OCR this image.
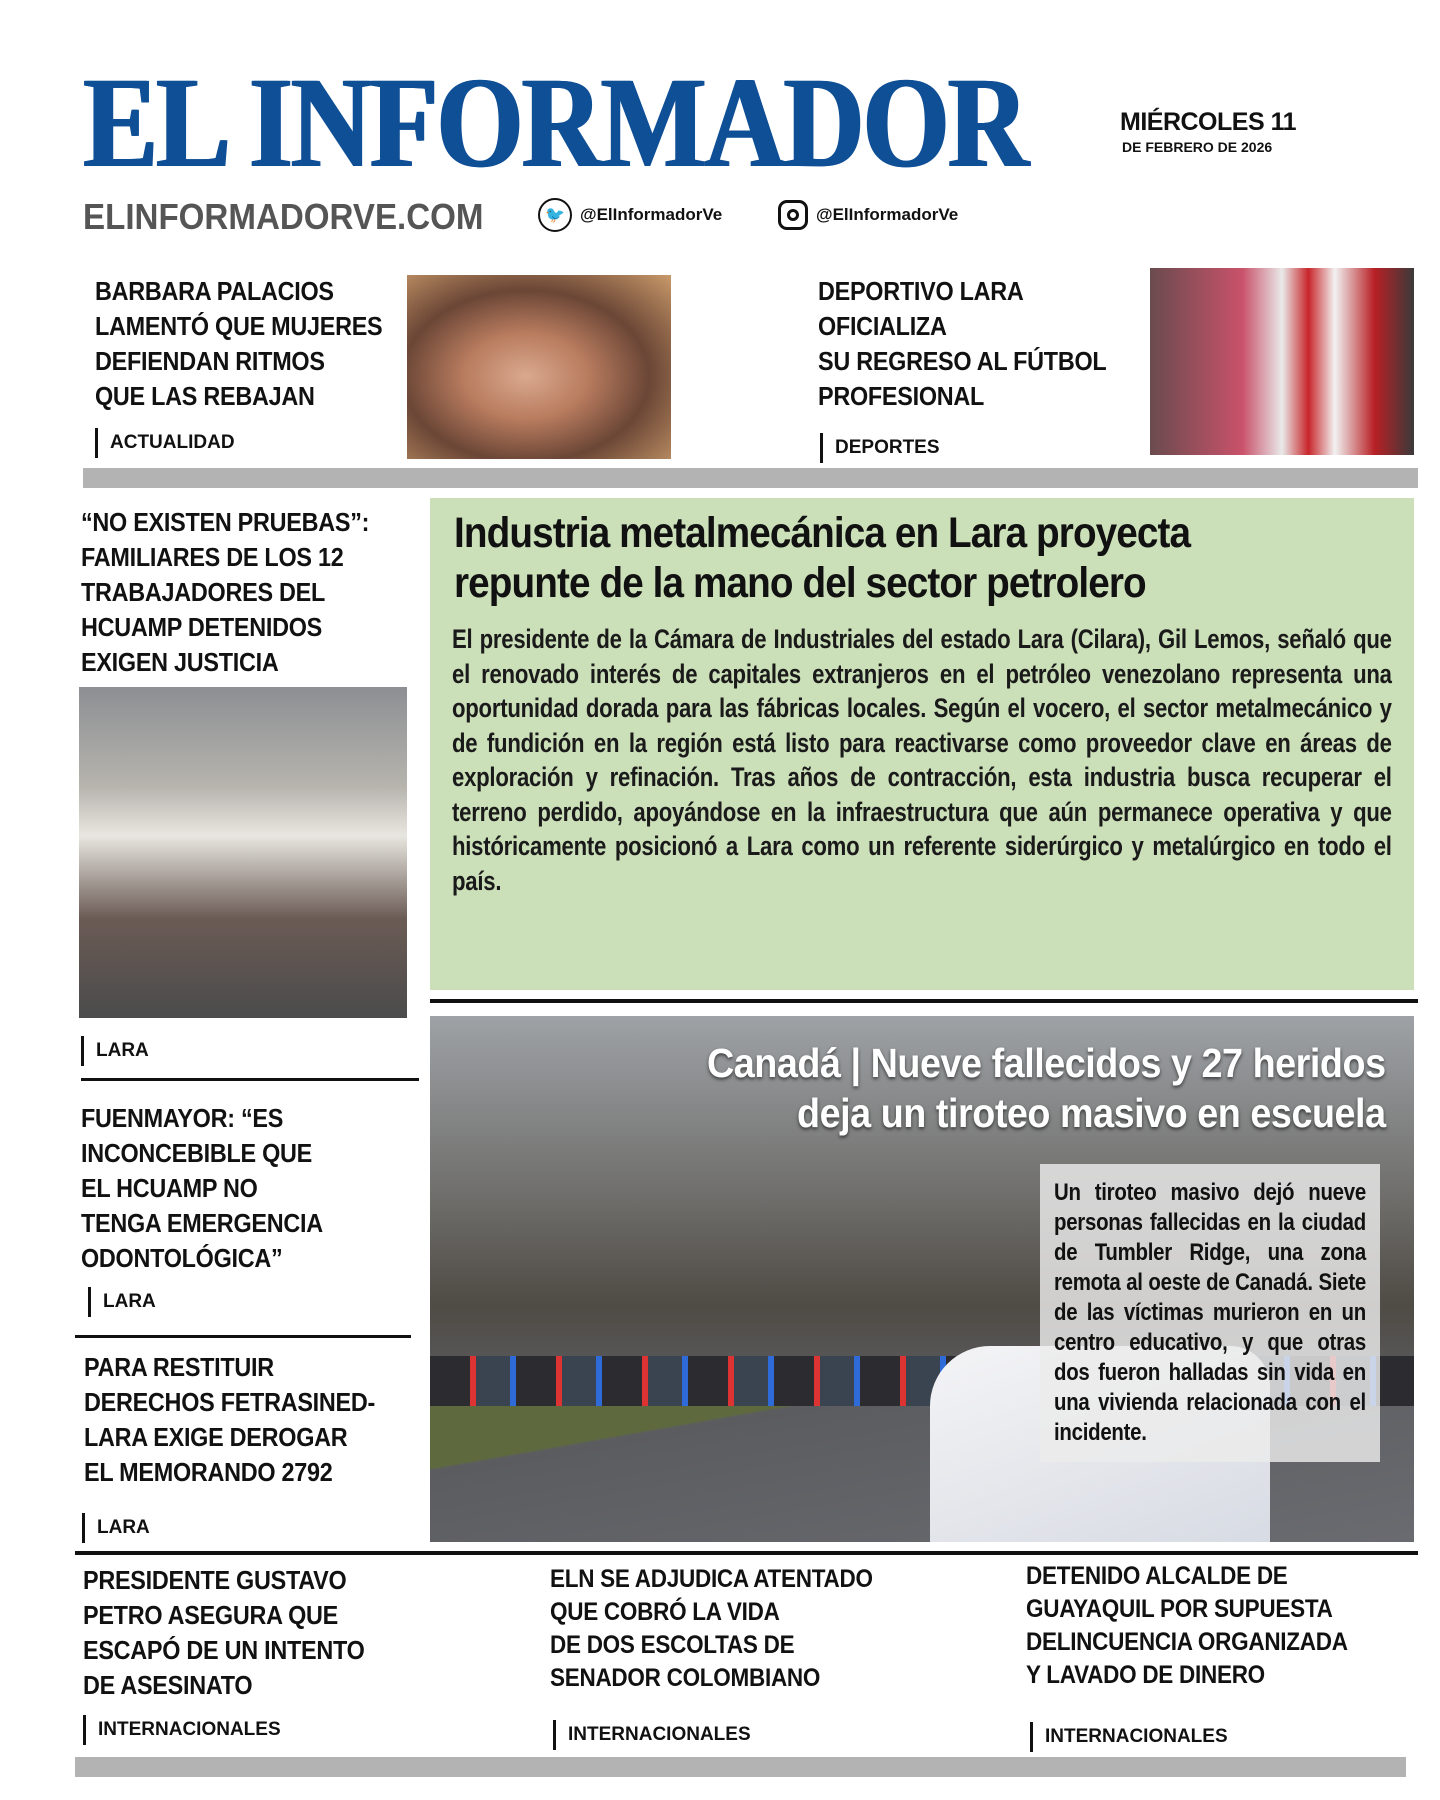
EL INFORMADOR	MIÉRCOLES 11
DE FEBRERO DE 2026
ELINFORMADORVE.COM	🐦 @ElInformadorVe	@ElInformadorVe
BARBARA PALACIOS
LAMENTÓ QUE MUJERES
DEFIENDAN RITMOS
QUE LAS REBAJAN
ACTUALIDAD
DEPORTIVO LARA
OFICIALIZA
SU REGRESO AL FÚTBOL
PROFESIONAL
DEPORTES
“NO EXISTEN PRUEBAS”:
FAMILIARES DE LOS 12
TRABAJADORES DEL
HCUAMP DETENIDOS
EXIGEN JUSTICIA
LARA
FUENMAYOR: “ES
INCONCEBIBLE QUE
EL HCUAMP NO
TENGA EMERGENCIA
ODONTOLÓGICA”
LARA
PARA RESTITUIR
DERECHOS FETRASINED-
LARA EXIGE DEROGAR
EL MEMORANDO 2792
LARA
Industria metalmecánica en Lara proyecta
repunte de la mano del sector petrolero

El presidente de la Cámara de Industriales del estado Lara (Cilara), Gil Lemos, señaló que el renovado interés de capitales extranjeros en el petróleo venezolano representa una oportunidad dorada para las fábricas locales. Según el vocero, el sector metalmecánico y de fundición en la región está listo para reactivarse como proveedor clave en áreas de exploración y refinación. Tras años de contracción, esta industria busca recuperar el terreno perdido, apoyándose en la infraestructura que aún permanece operativa y que históricamente posicionó a Lara como un referente siderúrgico y metalúrgico en todo el país.

Canadá | Nueve fallecidos y 27 heridos
deja un tiroteo masivo en escuela
Un tiroteo masivo dejó nueve personas fallecidas en la ciudad de Tumbler Ridge, una zona remota al oeste de Canadá. Siete de las víctimas murieron en un centro educativo, y que otras dos fueron halladas sin vida en una vivienda relacionada con el incidente.
PRESIDENTE GUSTAVO
PETRO ASEGURA QUE
ESCAPÓ DE UN INTENTO
DE ASESINATO
INTERNACIONALES
ELN SE ADJUDICA ATENTADO
QUE COBRÓ LA VIDA
DE DOS ESCOLTAS DE
SENADOR COLOMBIANO
INTERNACIONALES
DETENIDO ALCALDE DE
GUAYAQUIL POR SUPUESTA
DELINCUENCIA ORGANIZADA
Y LAVADO DE DINERO
INTERNACIONALES
